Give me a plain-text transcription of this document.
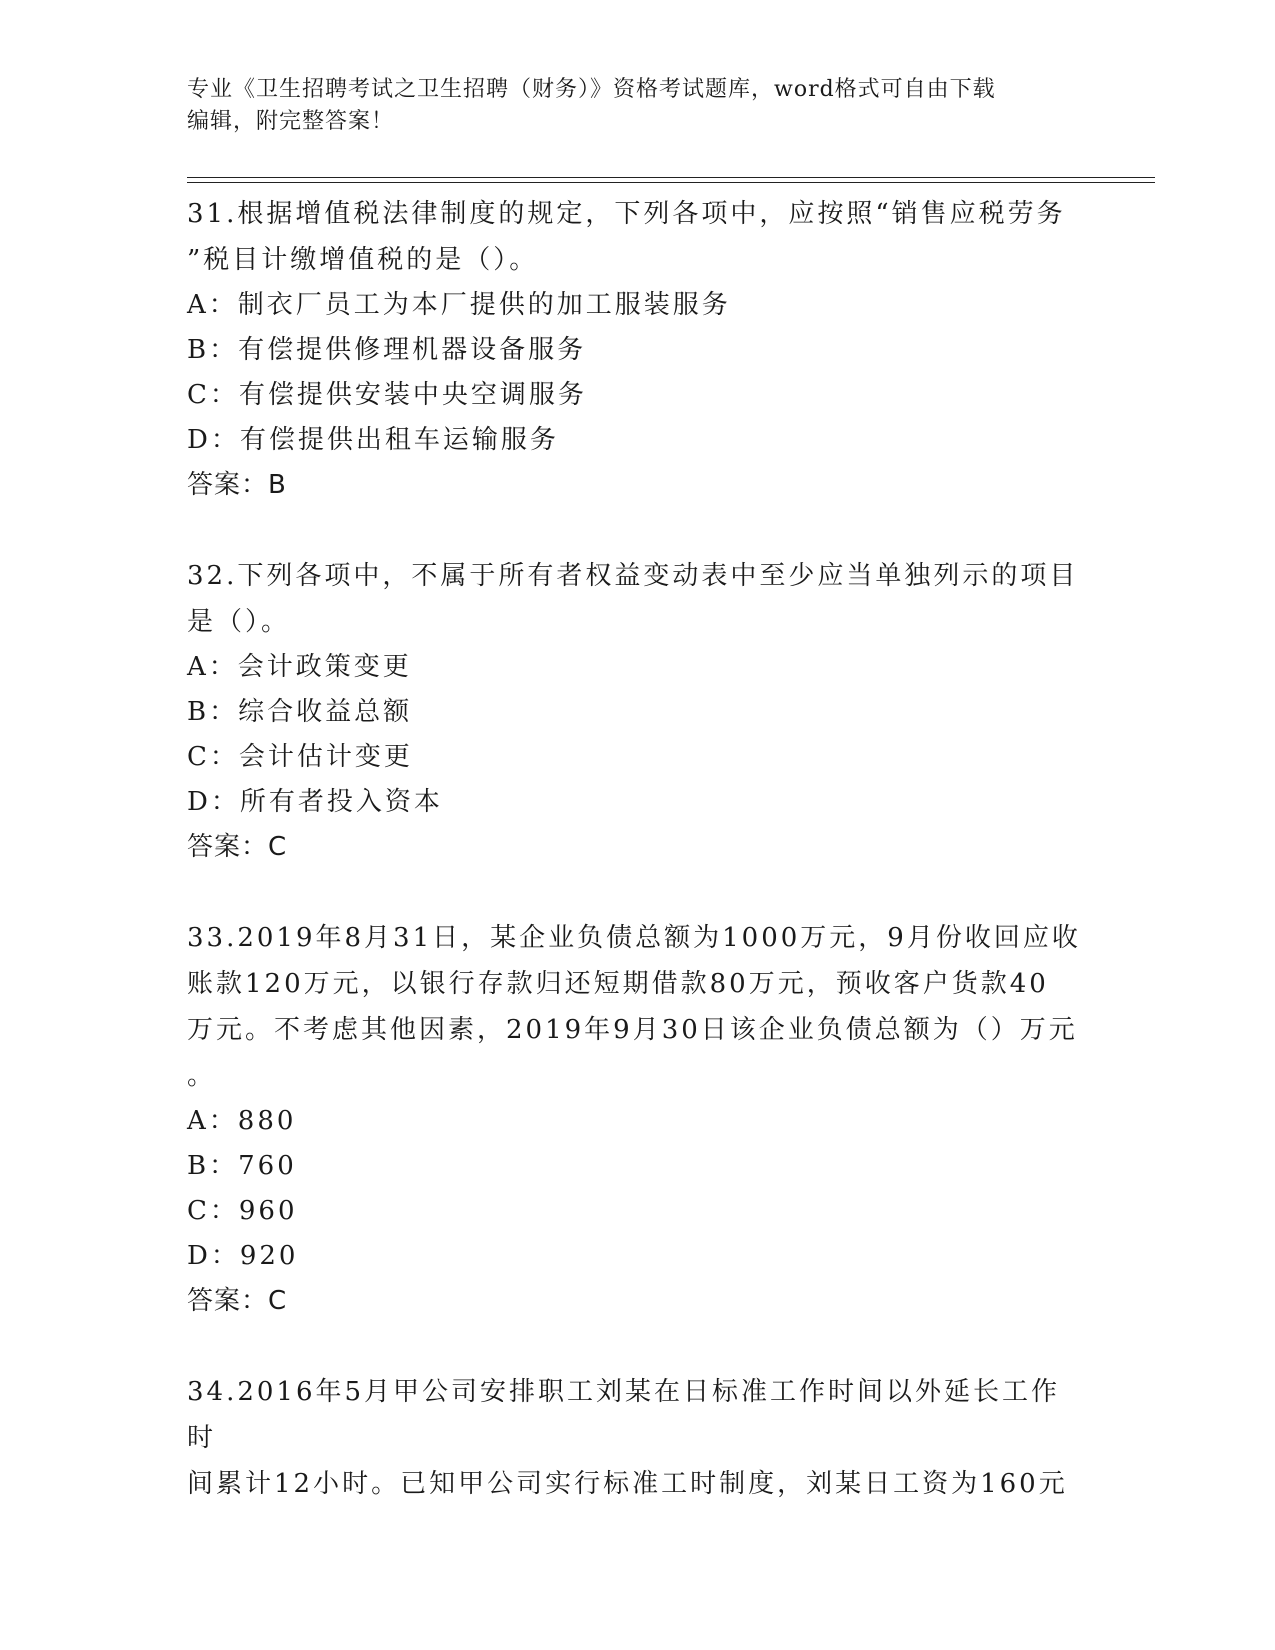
专业《卫生招聘考试之卫生招聘（财务）》资格考试题库，word格式可自由下载
编辑，附完整答案！

31.根据增值税法律制度的规定，下列各项中，应按照“销售应税劳务

”税目计缴增值税的是（）。

A：制衣厂员工为本厂提供的加工服装服务

B：有偿提供修理机器设备服务

C：有偿提供安装中央空调服务

D：有偿提供出租车运输服务

答案：B

32.下列各项中，不属于所有者权益变动表中至少应当单独列示的项目

是（）。

A：会计政策变更

B：综合收益总额

C：会计估计变更

D：所有者投入资本

答案：C

33.2019年8月31日，某企业负债总额为1000万元，9月份收回应收

账款120万元，以银行存款归还短期借款80万元，预收客户货款40

万元。不考虑其他因素，2019年9月30日该企业负债总额为（）万元

。

A：880

B：760

C：960

D：920

答案：C

34.2016年5月甲公司安排职工刘某在日标准工作时间以外延长工作时

间累计12小时。已知甲公司实行标准工时制度，刘某日工资为160元
